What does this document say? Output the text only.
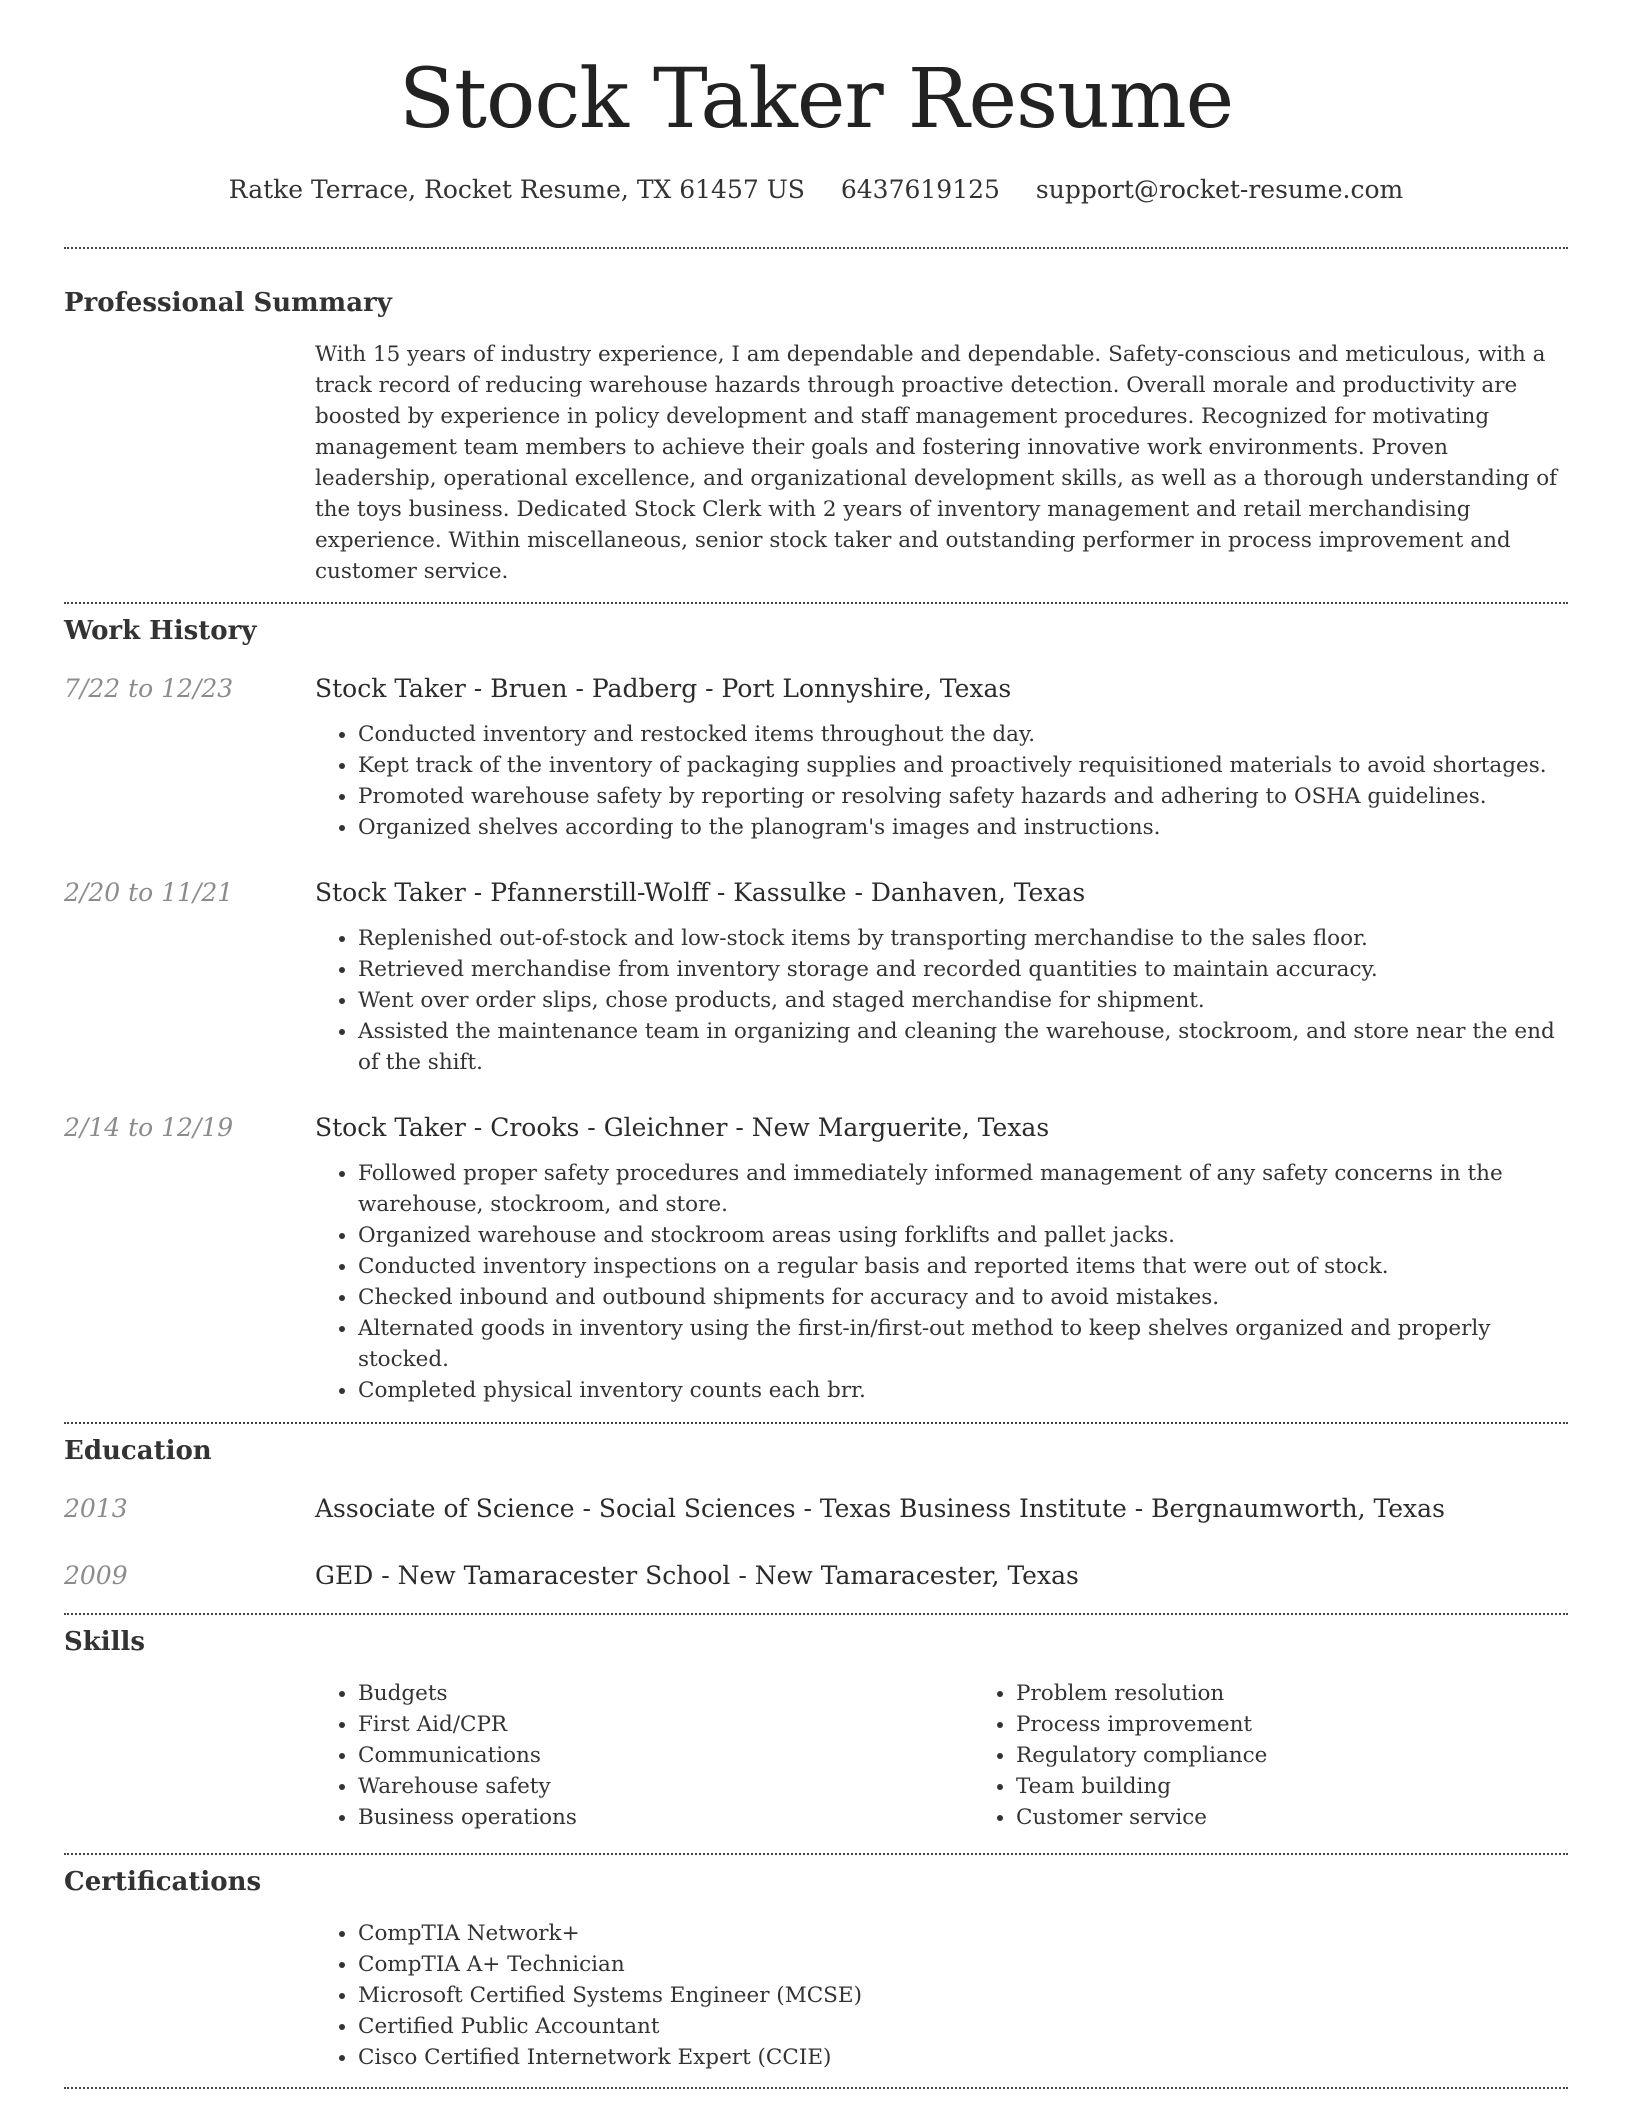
Stock Taker Resume
Ratke Terrace, Rocket Resume, TX 61457 US 6437619125 support@rocket-resume.com
Professional Summary

With 15 years of industry experience, I am dependable and dependable. Safety-conscious and meticulous, with a track record of reducing warehouse hazards through proactive detection. Overall morale and productivity are boosted by experience in policy development and staff management procedures. Recognized for motivating management team members to achieve their goals and fostering innovative work environments. Proven leadership, operational excellence, and organizational development skills, as well as a thorough understanding of the toys business. Dedicated Stock Clerk with 2 years of inventory management and retail merchandising experience. Within miscellaneous, senior stock taker and outstanding performer in process improvement and customer service.

Work History
7/22 to 12/23	Stock Taker - Bruen - Padberg - Port Lonnyshire, Texas
• Conducted inventory and restocked items throughout the day.
• Kept track of the inventory of packaging supplies and proactively requisitioned materials to avoid shortages.
• Promoted warehouse safety by reporting or resolving safety hazards and adhering to OSHA guidelines.
• Organized shelves according to the planogram's images and instructions.
2/20 to 11/21	Stock Taker - Pfannerstill-Wolff - Kassulke - Danhaven, Texas
• Replenished out-of-stock and low-stock items by transporting merchandise to the sales floor.
• Retrieved merchandise from inventory storage and recorded quantities to maintain accuracy.
• Went over order slips, chose products, and staged merchandise for shipment.
• Assisted the maintenance team in organizing and cleaning the warehouse, stockroom, and store near the end of the shift.
2/14 to 12/19	Stock Taker - Crooks - Gleichner - New Marguerite, Texas
• Followed proper safety procedures and immediately informed management of any safety concerns in the warehouse, stockroom, and store.
• Organized warehouse and stockroom areas using forklifts and pallet jacks.
• Conducted inventory inspections on a regular basis and reported items that were out of stock.
• Checked inbound and outbound shipments for accuracy and to avoid mistakes.
• Alternated goods in inventory using the first-in/first-out method to keep shelves organized and properly stocked.
• Completed physical inventory counts each brr.
Education
2013	Associate of Science - Social Sciences - Texas Business Institute - Bergnaumworth, Texas
2009	GED - New Tamaracester School - New Tamaracester, Texas
Skills
• Budgets
• First Aid/CPR
• Communications
• Warehouse safety
• Business operations
• Problem resolution
• Process improvement
• Regulatory compliance
• Team building
• Customer service
Certifications
• CompTIA Network+
• CompTIA A+ Technician
• Microsoft Certified Systems Engineer (MCSE)
• Certified Public Accountant
• Cisco Certified Internetwork Expert (CCIE)
